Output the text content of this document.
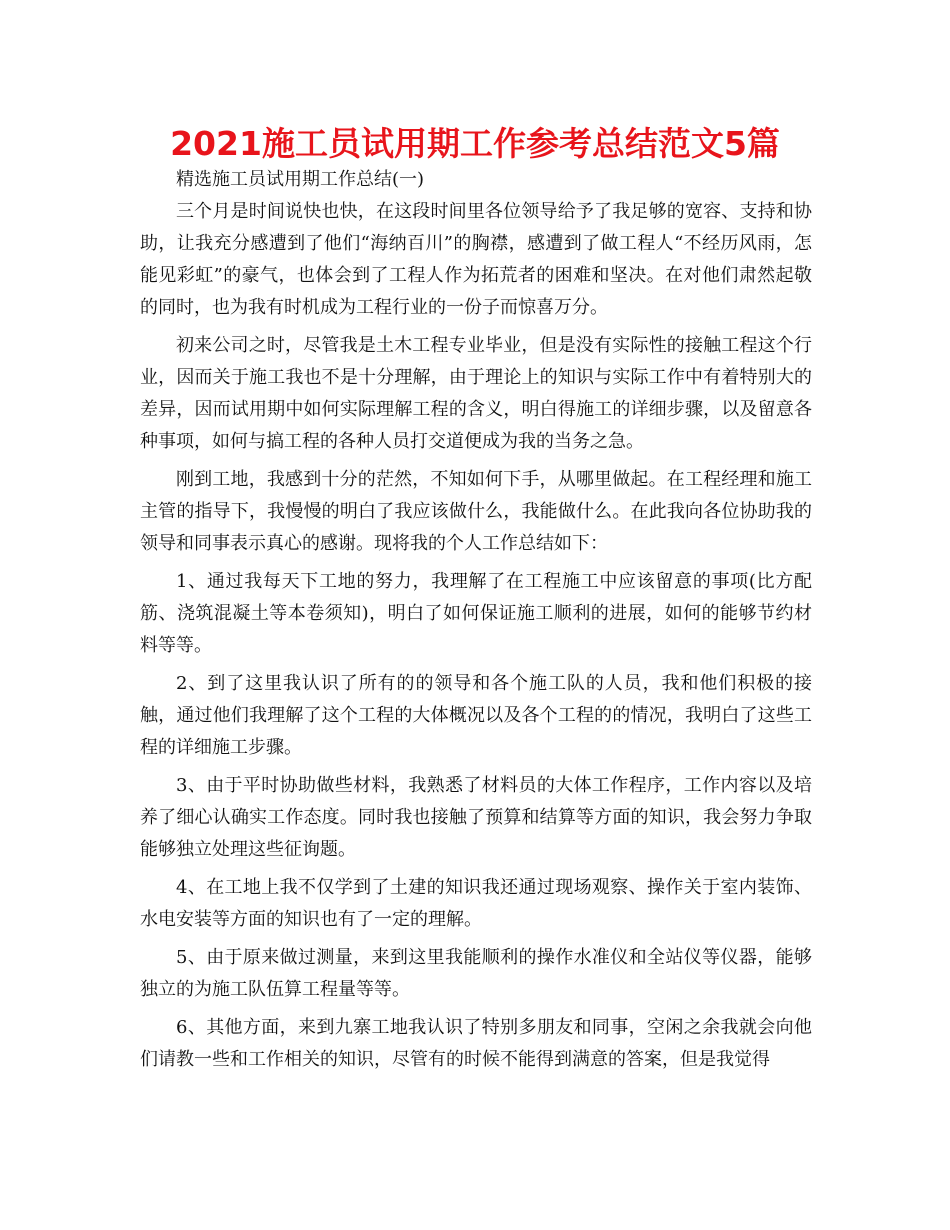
2021施工员试用期工作参考总结范文5篇

精选施工员试用期工作总结(一)

三个月是时间说快也快，在这段时间里各位领导给予了我足够的宽容、支持和协助，让我充分感遭到了他们“海纳百川”的胸襟，感遭到了做工程人“不经历风雨，怎能见彩虹”的豪气，也体会到了工程人作为拓荒者的困难和坚决。在对他们肃然起敬的同时，也为我有时机成为工程行业的一份子而惊喜万分。

初来公司之时，尽管我是土木工程专业毕业，但是没有实际性的接触工程这个行业，因而关于施工我也不是十分理解，由于理论上的知识与实际工作中有着特别大的差异，因而试用期中如何实际理解工程的含义，明白得施工的详细步骤，以及留意各种事项，如何与搞工程的各种人员打交道便成为我的当务之急。

刚到工地，我感到十分的茫然，不知如何下手，从哪里做起。在工程经理和施工主管的指导下，我慢慢的明白了我应该做什么，我能做什么。在此我向各位协助我的领导和同事表示真心的感谢。现将我的个人工作总结如下：

1、通过我每天下工地的努力，我理解了在工程施工中应该留意的事项(比方配筋、浇筑混凝土等本卷须知)，明白了如何保证施工顺利的进展，如何的能够节约材料等等。

2、到了这里我认识了所有的的领导和各个施工队的人员，我和他们积极的接触，通过他们我理解了这个工程的大体概况以及各个工程的的情况，我明白了这些工程的详细施工步骤。

3、由于平时协助做些材料，我熟悉了材料员的大体工作程序，工作内容以及培养了细心认确实工作态度。同时我也接触了预算和结算等方面的知识，我会努力争取能够独立处理这些征询题。

4、在工地上我不仅学到了土建的知识我还通过现场观察、操作关于室内装饰、水电安装等方面的知识也有了一定的理解。

5、由于原来做过测量，来到这里我能顺利的操作水准仪和全站仪等仪器，能够独立的为施工队伍算工程量等等。

6、其他方面，来到九寨工地我认识了特别多朋友和同事，空闲之余我就会向他们请教一些和工作相关的知识，尽管有的时候不能得到满意的答案，但是我觉得
